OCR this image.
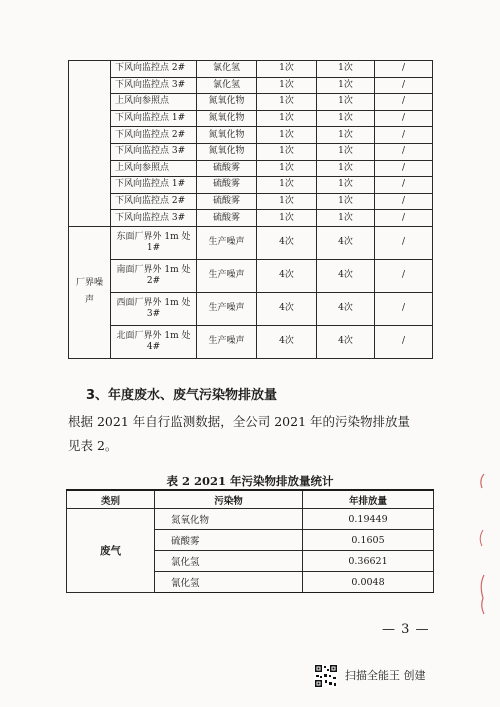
	下风向监控点 2#	氯化氢	1次	1次	/
	下风向监控点 3#	氯化氢	1次	1次	/
	上风向参照点	氮氧化物	1次	1次	/
	下风向监控点 1#	氮氧化物	1次	1次	/
	下风向监控点 2#	氮氧化物	1次	1次	/
	下风向监控点 3#	氮氧化物	1次	1次	/
	上风向参照点	硫酸雾	1次	1次	/
	下风向监控点 1#	硫酸雾	1次	1次	/
	下风向监控点 2#	硫酸雾	1次	1次	/
	下风向监控点 3#	硫酸雾	1次	1次	/
厂界噪声	东面厂界外 1m 处 1#	生产噪声	4次	4次	/
	南面厂界外 1m 处 2#	生产噪声	4次	4次	/
	西面厂界外 1m 处 3#	生产噪声	4次	4次	/
	北面厂界外 1m 处 4#	生产噪声	4次	4次	/
3、年度废水、废气污染物排放量
根据 2021 年自行监测数据，全公司 2021 年的污染物排放量
见表 2。
表 2 2021 年污染物排放量统计
类别	污染物	年排放量
废气	氮氧化物	0.19449
	硫酸雾	0.1605
	氯化氢	0.36621
	氰化氢	0.0048
— 3 —
扫描全能王 创建
